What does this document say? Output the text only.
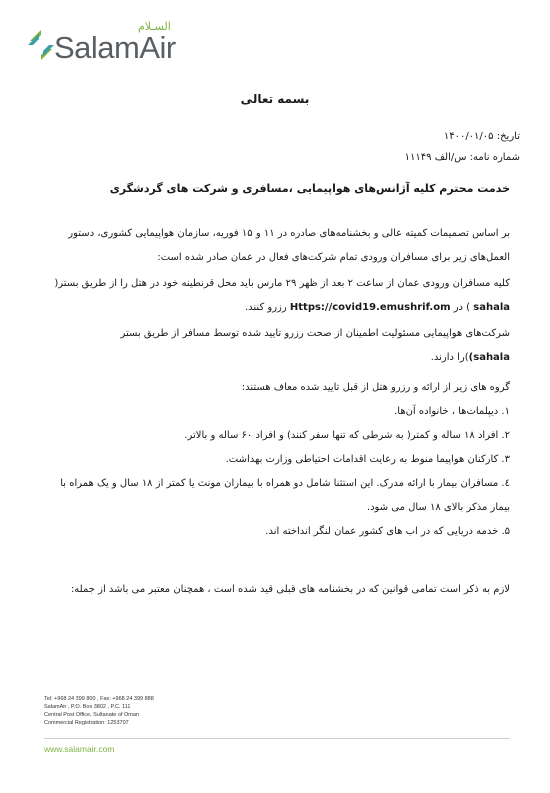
السـلام
SalamAir
بسمه تعالی

تاریخ: ۱۴۰۰/۰۱/۰۵

شماره نامه: س/الف ۱۱۱۴۹

خدمت محترم کلیه آژانس‌های هواپیمایی ،مسافری و شرکت های گردشگری
بر اساس تصمیمات کمیته عالی و بخشنامه‌های صادره در ۱۱ و ۱۵ فوریه، سازمان هواپیمایی کشوری، دستور العمل‌های زیر برای مسافران ورودی تمام شرکت‌های فعال در عمان صادر شده است:
کلیه مسافران ورودی عمان از ساعت ۲ بعد از ظهر ۲۹ مارس باید محل قرنطینه خود در هتل را از طریق بستر( sahala ) در Https://covid19.emushrif.om رزرو کنند.
شرکت‌های هواپیمایی مسئولیت اطمینان از صحت رزرو تایید شده توسط مسافر از طریق بستر
(sahala)را دارند.
گروه های زیر از ارائه و رزرو هتل از قبل تایید شده معاف هستند:

۱. دیپلمات‌ها ، خانواده آن‌ها.

۲. افراد ۱۸ ساله و کمتر( به شرطی که تنها سفر کنند) و افراد ۶۰ ساله و بالاتر.

۳. کارکنان هواپیما منوط به رعایت اقدامات احتیاطی وزارت بهداشت.

٤. مسافران بیمار با ارائه مدرک. این استثنا شامل دو همراه با بیماران مونث یا کمتر از ۱۸ سال و یک همراه با بیمار مذکر بالای ۱۸ سال می شود.

۵. خدمه دریایی که در اب های کشور عمان لنگر انداخته اند.

لازم به ذکر است تمامی قوانین که در بخشنامه های قبلی قید شده است ، همچنان معتبر می باشد از جمله:
Tel: +968 24 399 800 , Fax: +968 24 399 888
SalamAir , P.O. Box 3802 , P.C. 111
Central Post Office, Sultanate of Oman
Commercial Registration: 1253707
www.salamair.com
